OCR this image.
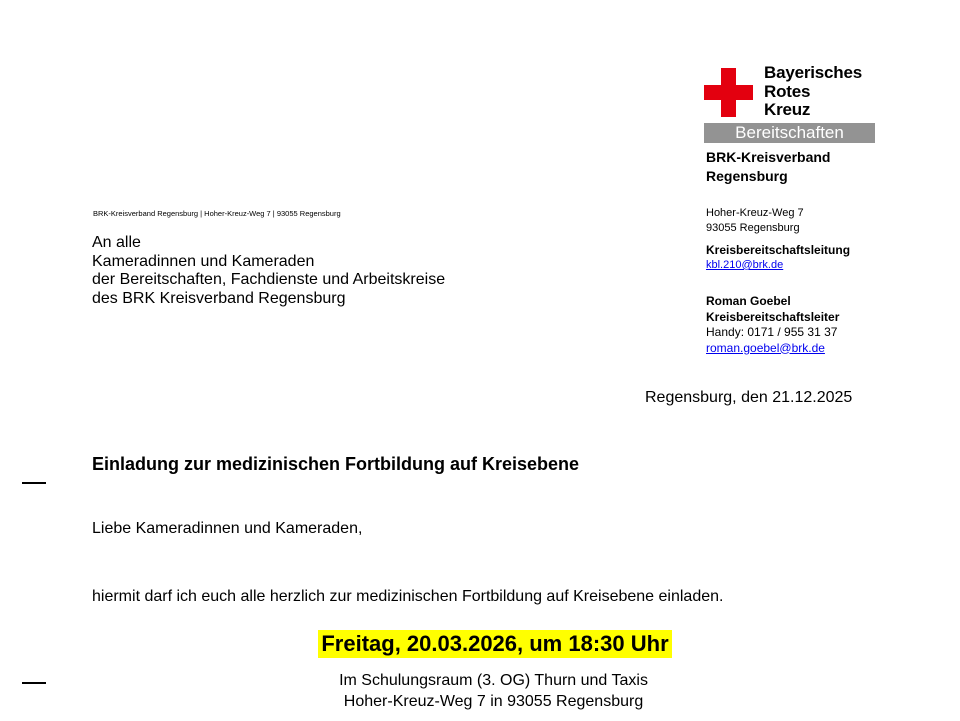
Bayerisches
Rotes
Kreuz
Bereitschaften
BRK-Kreisverband
Regensburg
Hoher-Kreuz-Weg 7
93055 Regensburg
Kreisbereitschaftsleitung
kbl.210@brk.de
Roman Goebel
Kreisbereitschaftsleiter
Handy: 0171 / 955 31 37
roman.goebel@brk.de
BRK-Kreisverband Regensburg | Hoher-Kreuz-Weg 7 | 93055 Regensburg
An alle
Kameradinnen und Kameraden
der Bereitschaften, Fachdienste und Arbeitskreise
des BRK Kreisverband Regensburg
Regensburg, den 21.12.2025
Einladung zur medizinischen Fortbildung auf Kreisebene
Liebe Kameradinnen und Kameraden,
hiermit darf ich euch alle herzlich zur medizinischen Fortbildung auf Kreisebene einladen.
Freitag, 20.03.2026, um 18:30 Uhr
Im Schulungsraum (3. OG) Thurn und Taxis
Hoher-Kreuz-Weg 7 in 93055 Regensburg
